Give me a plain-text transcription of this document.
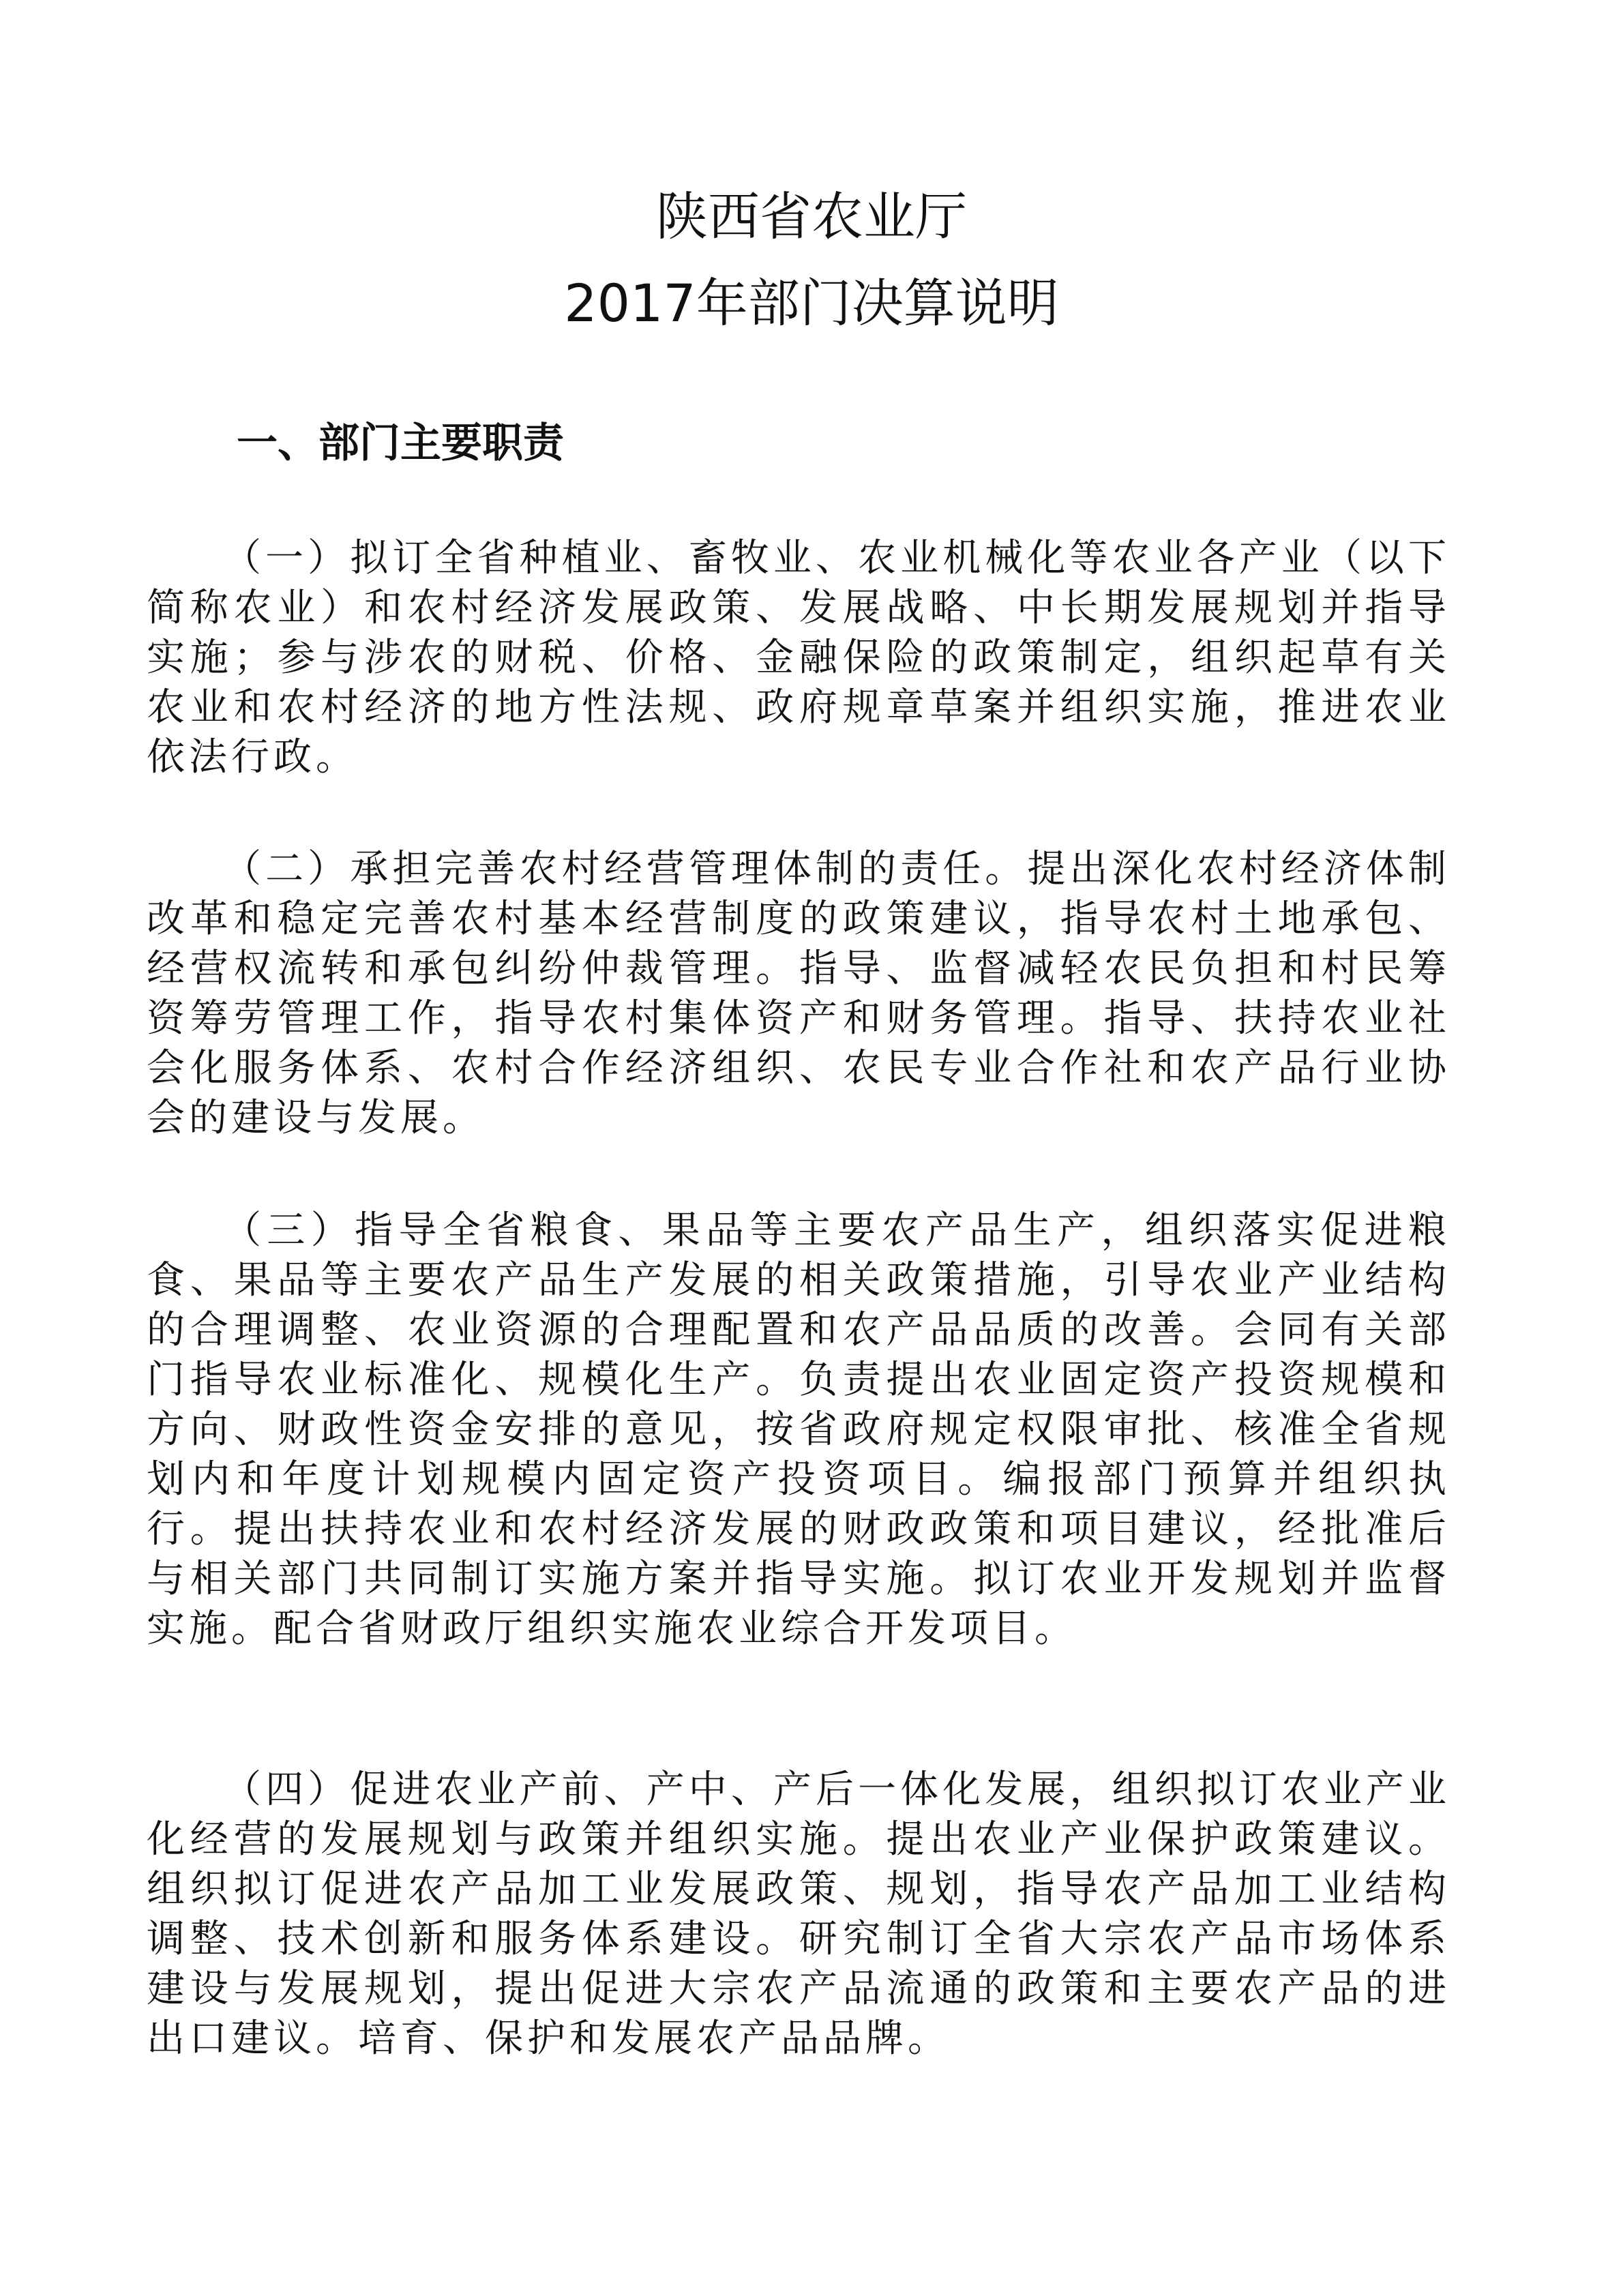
陕西省农业厅
2017年部门决算说明
一、部门主要职责

（一）拟订全省种植业、畜牧业、农业机械化等农业各产业（以下简称农业）和农村经济发展政策、发展战略、中长期发展规划并指导实施；参与涉农的财税、价格、金融保险的政策制定，组织起草有关农业和农村经济的地方性法规、政府规章草案并组织实施，推进农业依法行政。

（二）承担完善农村经营管理体制的责任。提出深化农村经济体制改革和稳定完善农村基本经营制度的政策建议，指导农村土地承包、经营权流转和承包纠纷仲裁管理。指导、监督减轻农民负担和村民筹资筹劳管理工作，指导农村集体资产和财务管理。指导、扶持农业社会化服务体系、农村合作经济组织、农民专业合作社和农产品行业协会的建设与发展。

（三）指导全省粮食、果品等主要农产品生产，组织落实促进粮食、果品等主要农产品生产发展的相关政策措施，引导农业产业结构的合理调整、农业资源的合理配置和农产品品质的改善。会同有关部门指导农业标准化、规模化生产。负责提出农业固定资产投资规模和方向、财政性资金安排的意见，按省政府规定权限审批、核准全省规划内和年度计划规模内固定资产投资项目。编报部门预算并组织执行。提出扶持农业和农村经济发展的财政政策和项目建议，经批准后与相关部门共同制订实施方案并指导实施。拟订农业开发规划并监督实施。配合省财政厅组织实施农业综合开发项目。

（四）促进农业产前、产中、产后一体化发展，组织拟订农业产业化经营的发展规划与政策并组织实施。提出农业产业保护政策建议。组织拟订促进农产品加工业发展政策、规划，指导农产品加工业结构调整、技术创新和服务体系建设。研究制订全省大宗农产品市场体系建设与发展规划，提出促进大宗农产品流通的政策和主要农产品的进出口建议。培育、保护和发展农产品品牌。
